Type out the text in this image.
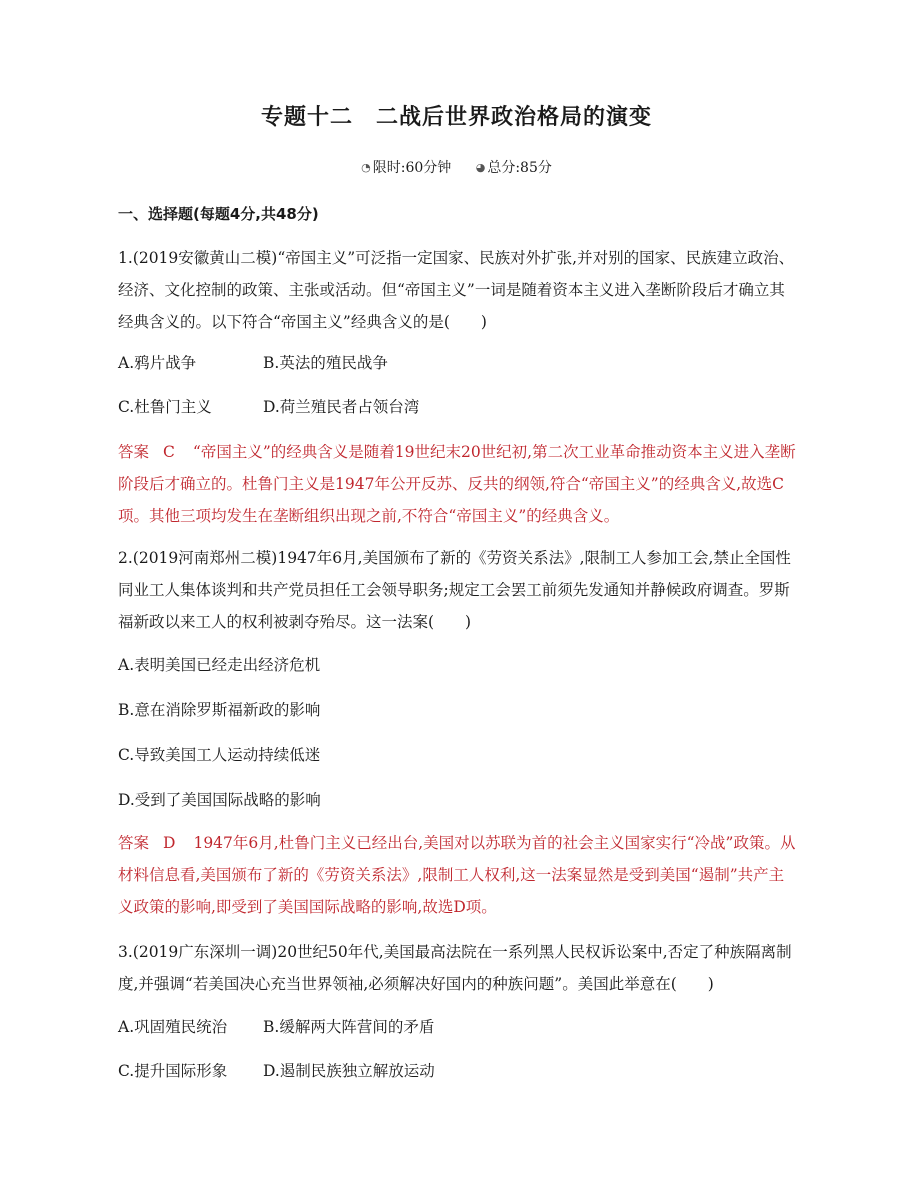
专题十二　二战后世界政治格局的演变
◔ 限时:60分钟 ◕ 总分:85分
一、选择题(每题4分,共48分)
1.(2019安徽黄山二模)“帝国主义”可泛指一定国家、民族对外扩张,并对别的国家、民族建立政治、经济、文化控制的政策、主张或活动。但“帝国主义”一词是随着资本主义进入垄断阶段后才确立其经典含义的。以下符合“帝国主义”经典含义的是(　　)
A.鸦片战争	B.英法的殖民战争
C.杜鲁门主义	D.荷兰殖民者占领台湾
答案 C “帝国主义”的经典含义是随着19世纪末20世纪初,第二次工业革命推动资本主义进入垄断阶段后才确立的。杜鲁门主义是1947年公开反苏、反共的纲领,符合“帝国主义”的经典含义,故选C项。其他三项均发生在垄断组织出现之前,不符合“帝国主义”的经典含义。
2.(2019河南郑州二模)1947年6月,美国颁布了新的《劳资关系法》,限制工人参加工会,禁止全国性同业工人集体谈判和共产党员担任工会领导职务;规定工会罢工前须先发通知并静候政府调查。罗斯福新政以来工人的权利被剥夺殆尽。这一法案(　　)
A.表明美国已经走出经济危机
B.意在消除罗斯福新政的影响
C.导致美国工人运动持续低迷
D.受到了美国国际战略的影响
答案 D 1947年6月,杜鲁门主义已经出台,美国对以苏联为首的社会主义国家实行“冷战”政策。从材料信息看,美国颁布了新的《劳资关系法》,限制工人权利,这一法案显然是受到美国“遏制”共产主义政策的影响,即受到了美国国际战略的影响,故选D项。
3.(2019广东深圳一调)20世纪50年代,美国最高法院在一系列黑人民权诉讼案中,否定了种族隔离制度,并强调“若美国决心充当世界领袖,必须解决好国内的种族问题”。美国此举意在(　　)
A.巩固殖民统治 B.缓解两大阵营间的矛盾
C.提升国际形象 D.遏制民族独立解放运动
